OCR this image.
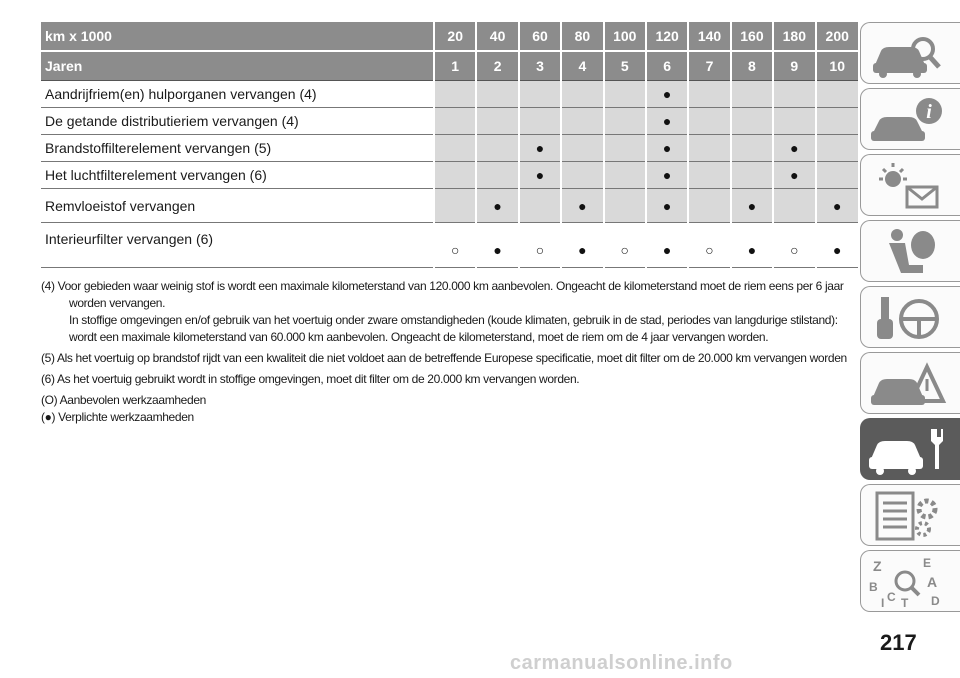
km x 1000	20	40	60	80	100	120	140	160	180	200
Jaren	1	2	3	4	5	6	7	8	9	10
Aandrijfriem(en) hulporganen vervangen (4)						●				
De getande distributieriem vervangen (4)						●				
Brandstoffilterelement vervangen (5)			●			●			●	
Het luchtfilterelement vervangen (6)			●			●			●	
Remvloeistof vervangen		●		●		●		●		●
Interieurfilter vervangen (6)	○	●	○	●	○	●	○	●	○	●

(4) Voor gebieden waar weinig stof is wordt een maximale kilometerstand van 120.000 km aanbevolen. Ongeacht de kilometerstand moet de riem eens per 6 jaar

worden vervangen.

In stoffige omgevingen en/of gebruik van het voertuig onder zware omstandigheden (koude klimaten, gebruik in de stad, periodes van langdurige stilstand):

wordt een maximale kilometerstand van 60.000 km aanbevolen. Ongeacht de kilometerstand, moet de riem om de 4 jaar vervangen worden.

(5) Als het voertuig op brandstof rijdt van een kwaliteit die niet voldoet aan de betreffende Europese specificatie, moet dit filter om de 20.000 km vervangen worden

(6) As het voertuig gebruikt wordt in stoffige omgevingen, moet dit filter om de 20.000 km vervangen worden.

(O) Aanbevolen werkzaamheden

(●) Verplichte werkzaamheden

i
Z	E
B	A
C T D
I
217
carmanualsonline.info
